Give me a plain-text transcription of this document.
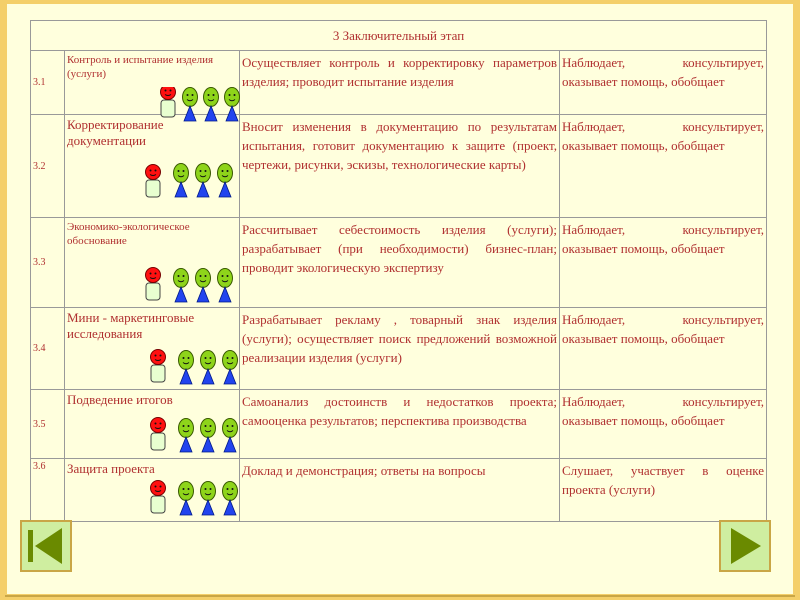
3 Заключительный этап			
3.1	Контроль и испытание изделия (услуги)	Осуществляет контроль и корректировку параметров изделия; проводит испытание изделия	Наблюдает, консультирует, оказывает помощь, обобщает
3.2	Корректирование документации	Вносит изменения в документацию по результатам испытания, готовит документацию к защите (проект, чертежи, рисунки, эскизы, технологические карты)	Наблюдает, консультирует, оказывает помощь, обобщает
3.3	Экономико-экологическое обоснование	Рассчитывает себестоимость изделия (услуги); разрабатывает (при необходимости) бизнес-план; проводит экологическую экспертизу	Наблюдает, консультирует, оказывает помощь, обобщает
3.4	Мини - маркетинговые исследования	Разрабатывает рекламу , товарный знак изделия (услуги); осуществляет поиск предложений возможной реализации изделия (услуги)	Наблюдает, консультирует, оказывает помощь, обобщает
3.5	Подведение итогов	Самоанализ достоинств и недостатков проекта; самооценка результатов; перспектива производства	Наблюдает, консультирует, оказывает помощь, обобщает
3.6	Защита проекта	Доклад и демонстрация; ответы на вопросы	Слушает, участвует в оценке проекта (услуги)
